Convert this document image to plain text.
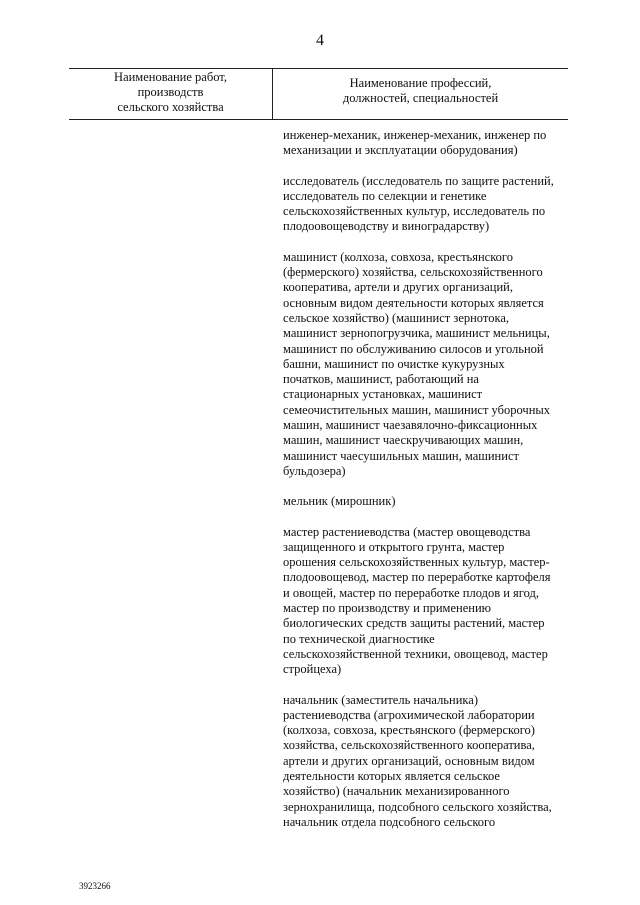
4

Наименование работ,
производств
сельского хозяйства

Наименование профессий,
должностей, специальностей

инженер-механик, инженер-механик, инженер по
механизации и эксплуатации оборудования)

исследователь (исследователь по защите растений,
исследователь по селекции и генетике
сельскохозяйственных культур, исследователь по
плодоовощеводству и виноградарству)

машинист (колхоза, совхоза, крестьянского
(фермерского) хозяйства, сельскохозяйственного
кооператива, артели и других организаций,
основным видом деятельности которых является
сельское хозяйство) (машинист зернотока,
машинист зернопогрузчика, машинист мельницы,
машинист по обслуживанию силосов и угольной
башни, машинист по очистке кукурузных
початков, машинист, работающий на
стационарных установках, машинист
семеочистительных машин, машинист уборочных
машин, машинист чаезавялочно-фиксационных
машин, машинист чаескручивающих машин,
машинист чаесушильных машин, машинист
бульдозера)

мельник (мирошник)

мастер растениеводства (мастер овощеводства
защищенного и открытого грунта, мастер
орошения сельскохозяйственных культур, мастер-
плодоовощевод, мастер по переработке картофеля
и овощей, мастер по переработке плодов и ягод,
мастер по производству и применению
биологических средств защиты растений, мастер
по технической диагностике
сельскохозяйственной техники, овощевод, мастер
стройцеха)

начальник (заместитель начальника)
растениеводства (агрохимической лаборатории
(колхоза, совхоза, крестьянского (фермерского)
хозяйства, сельскохозяйственного кооператива,
артели и других организаций, основным видом
деятельности которых является сельское
хозяйство) (начальник механизированного
зернохранилища, подсобного сельского хозяйства,
начальник отдела подсобного сельского

3923266
